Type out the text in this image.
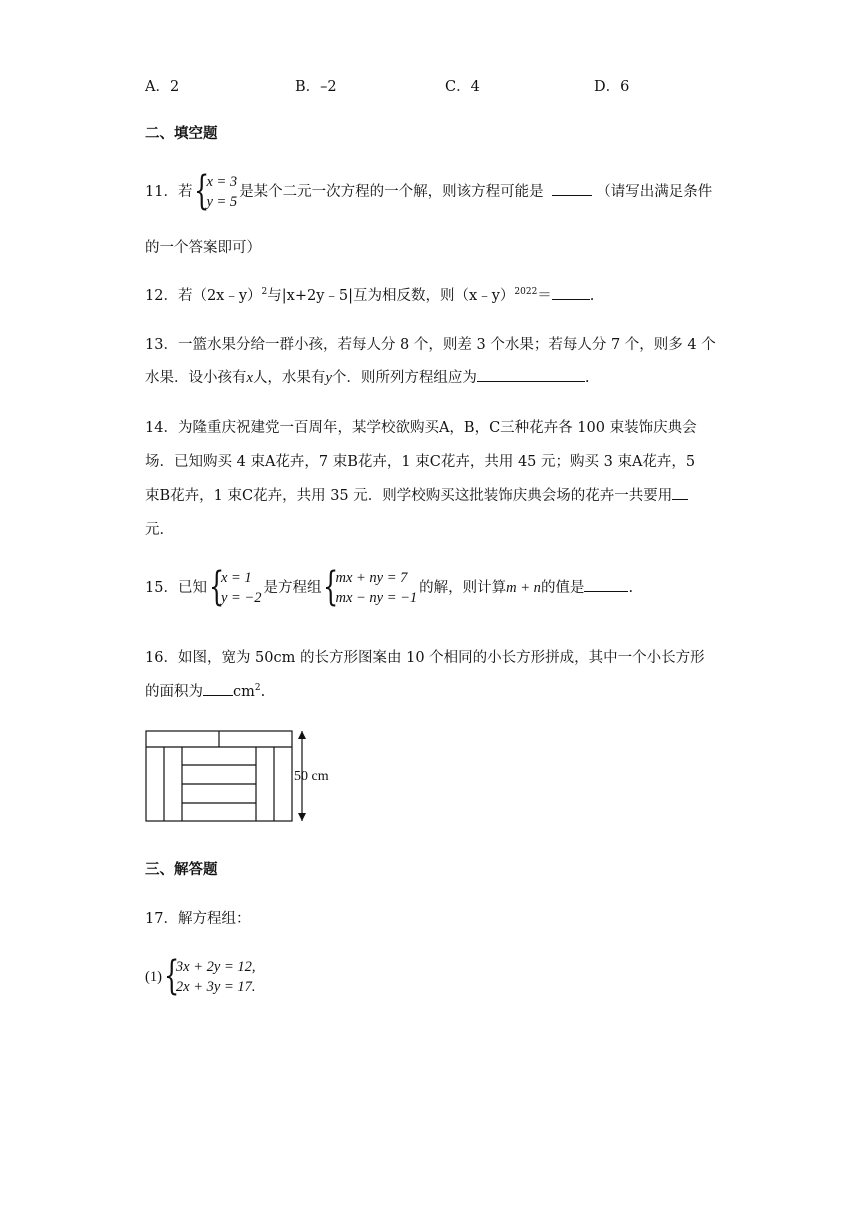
A．2	B．–2	C．4	D．6
二、填空题
11．若 {
x = 3
y = 5
是某个二元一次方程的一个解，则该方程可能是	（请写出满足条件
的一个答案即可）
12．若（2x﹣y）$^2$与|x+2y﹣5|互为相反数，则（x﹣y）$^{2022}$＝	.
13．一篮水果分给一群小孩，若每人分 8 个，则差 3 个水果；若每人分 7 个，则多 4 个
水果．设小孩有x人，水果有y个．则所列方程组应为	.
14．为隆重庆祝建党一百周年，某学校欲购买A，B，C三种花卉各 100 束装饰庆典会
场．已知购买 4 束A花卉，7 束B花卉，1 束C花卉，共用 45 元；购买 3 束A花卉，5
束B花卉，1 束C花卉，共用 35 元．则学校购买这批装饰庆典会场的花卉一共要用
元．
15．已知 {
x = 1
y = −2
是方程组 {
mx + ny = 7
mx − ny = −1
的解，则计算m + n的值是	.
16．如图，宽为 50cm 的长方形图案由 10 个相同的小长方形拼成，其中一个小长方形
的面积为 $cm^2$.
50 cm
三、解答题
17．解方程组：
(1) {
3x + 2y = 12,
2x + 3y = 17.
